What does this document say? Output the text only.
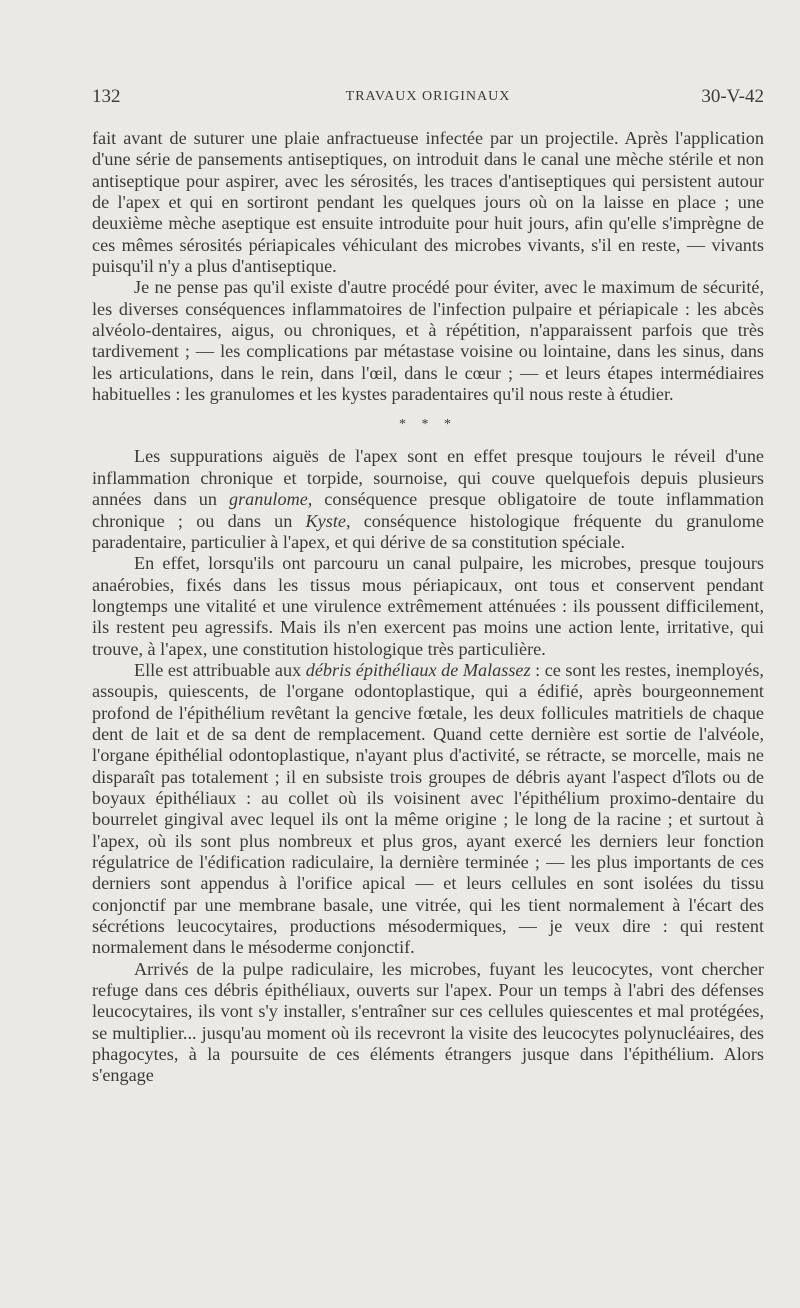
132	TRAVAUX ORIGINAUX	30-V-42

fait avant de suturer une plaie anfractueuse infectée par un projectile. Après l'application d'une série de pansements antiseptiques, on introduit dans le canal une mèche stérile et non antiseptique pour aspirer, avec les sérosités, les traces d'antiseptiques qui persistent autour de l'apex et qui en sortiront pendant les quelques jours où on la laisse en place ; une deuxième mèche aseptique est ensuite introduite pour huit jours, afin qu'elle s'imprègne de ces mêmes sérosités périapicales véhiculant des microbes vivants, s'il en reste, — vivants puisqu'il n'y a plus d'antiseptique.

Je ne pense pas qu'il existe d'autre procédé pour éviter, avec le maximum de sécurité, les diverses conséquences inflammatoires de l'infection pulpaire et périapicale : les abcès alvéolo-dentaires, aigus, ou chroniques, et à répétition, n'apparaissent parfois que très tardivement ; — les complications par métastase voisine ou lointaine, dans les sinus, dans les articulations, dans le rein, dans l'œil, dans le cœur ; — et leurs étapes intermédiaires habituelles : les granulomes et les kystes paradentaires qu'il nous reste à étudier.

* * *

Les suppurations aiguës de l'apex sont en effet presque toujours le réveil d'une inflammation chronique et torpide, sournoise, qui couve quelquefois depuis plusieurs années dans un granulome, conséquence presque obligatoire de toute inflammation chronique ; ou dans un Kyste, conséquence histologique fréquente du granulome paradentaire, particulier à l'apex, et qui dérive de sa constitution spéciale.

En effet, lorsqu'ils ont parcouru un canal pulpaire, les microbes, presque toujours anaérobies, fixés dans les tissus mous périapicaux, ont tous et conservent pendant longtemps une vitalité et une virulence extrêmement atténuées : ils poussent difficilement, ils restent peu agressifs. Mais ils n'en exercent pas moins une action lente, irritative, qui trouve, à l'apex, une constitution histologique très particulière.

Elle est attribuable aux débris épithéliaux de Malassez : ce sont les restes, inemployés, assoupis, quiescents, de l'organe odontoplastique, qui a édifié, après bourgeonnement profond de l'épithélium revêtant la gencive fœtale, les deux follicules matritiels de chaque dent de lait et de sa dent de remplacement. Quand cette dernière est sortie de l'alvéole, l'organe épithélial odontoplastique, n'ayant plus d'activité, se rétracte, se morcelle, mais ne disparaît pas totalement ; il en subsiste trois groupes de débris ayant l'aspect d'îlots ou de boyaux épithéliaux : au collet où ils voisinent avec l'épithélium proximo-dentaire du bourrelet gingival avec lequel ils ont la même origine ; le long de la racine ; et surtout à l'apex, où ils sont plus nombreux et plus gros, ayant exercé les derniers leur fonction régulatrice de l'édification radiculaire, la dernière terminée ; — les plus importants de ces derniers sont appendus à l'orifice apical — et leurs cellules en sont isolées du tissu conjonctif par une membrane basale, une vitrée, qui les tient normalement à l'écart des sécrétions leucocytaires, productions mésodermiques, — je veux dire : qui restent normalement dans le mésoderme conjonctif.

Arrivés de la pulpe radiculaire, les microbes, fuyant les leucocytes, vont chercher refuge dans ces débris épithéliaux, ouverts sur l'apex. Pour un temps à l'abri des défenses leucocytaires, ils vont s'y installer, s'entraîner sur ces cellules quiescentes et mal protégées, se multiplier... jusqu'au moment où ils recevront la visite des leucocytes polynucléaires, des phagocytes, à la poursuite de ces éléments étrangers jusque dans l'épithélium. Alors s'engage
